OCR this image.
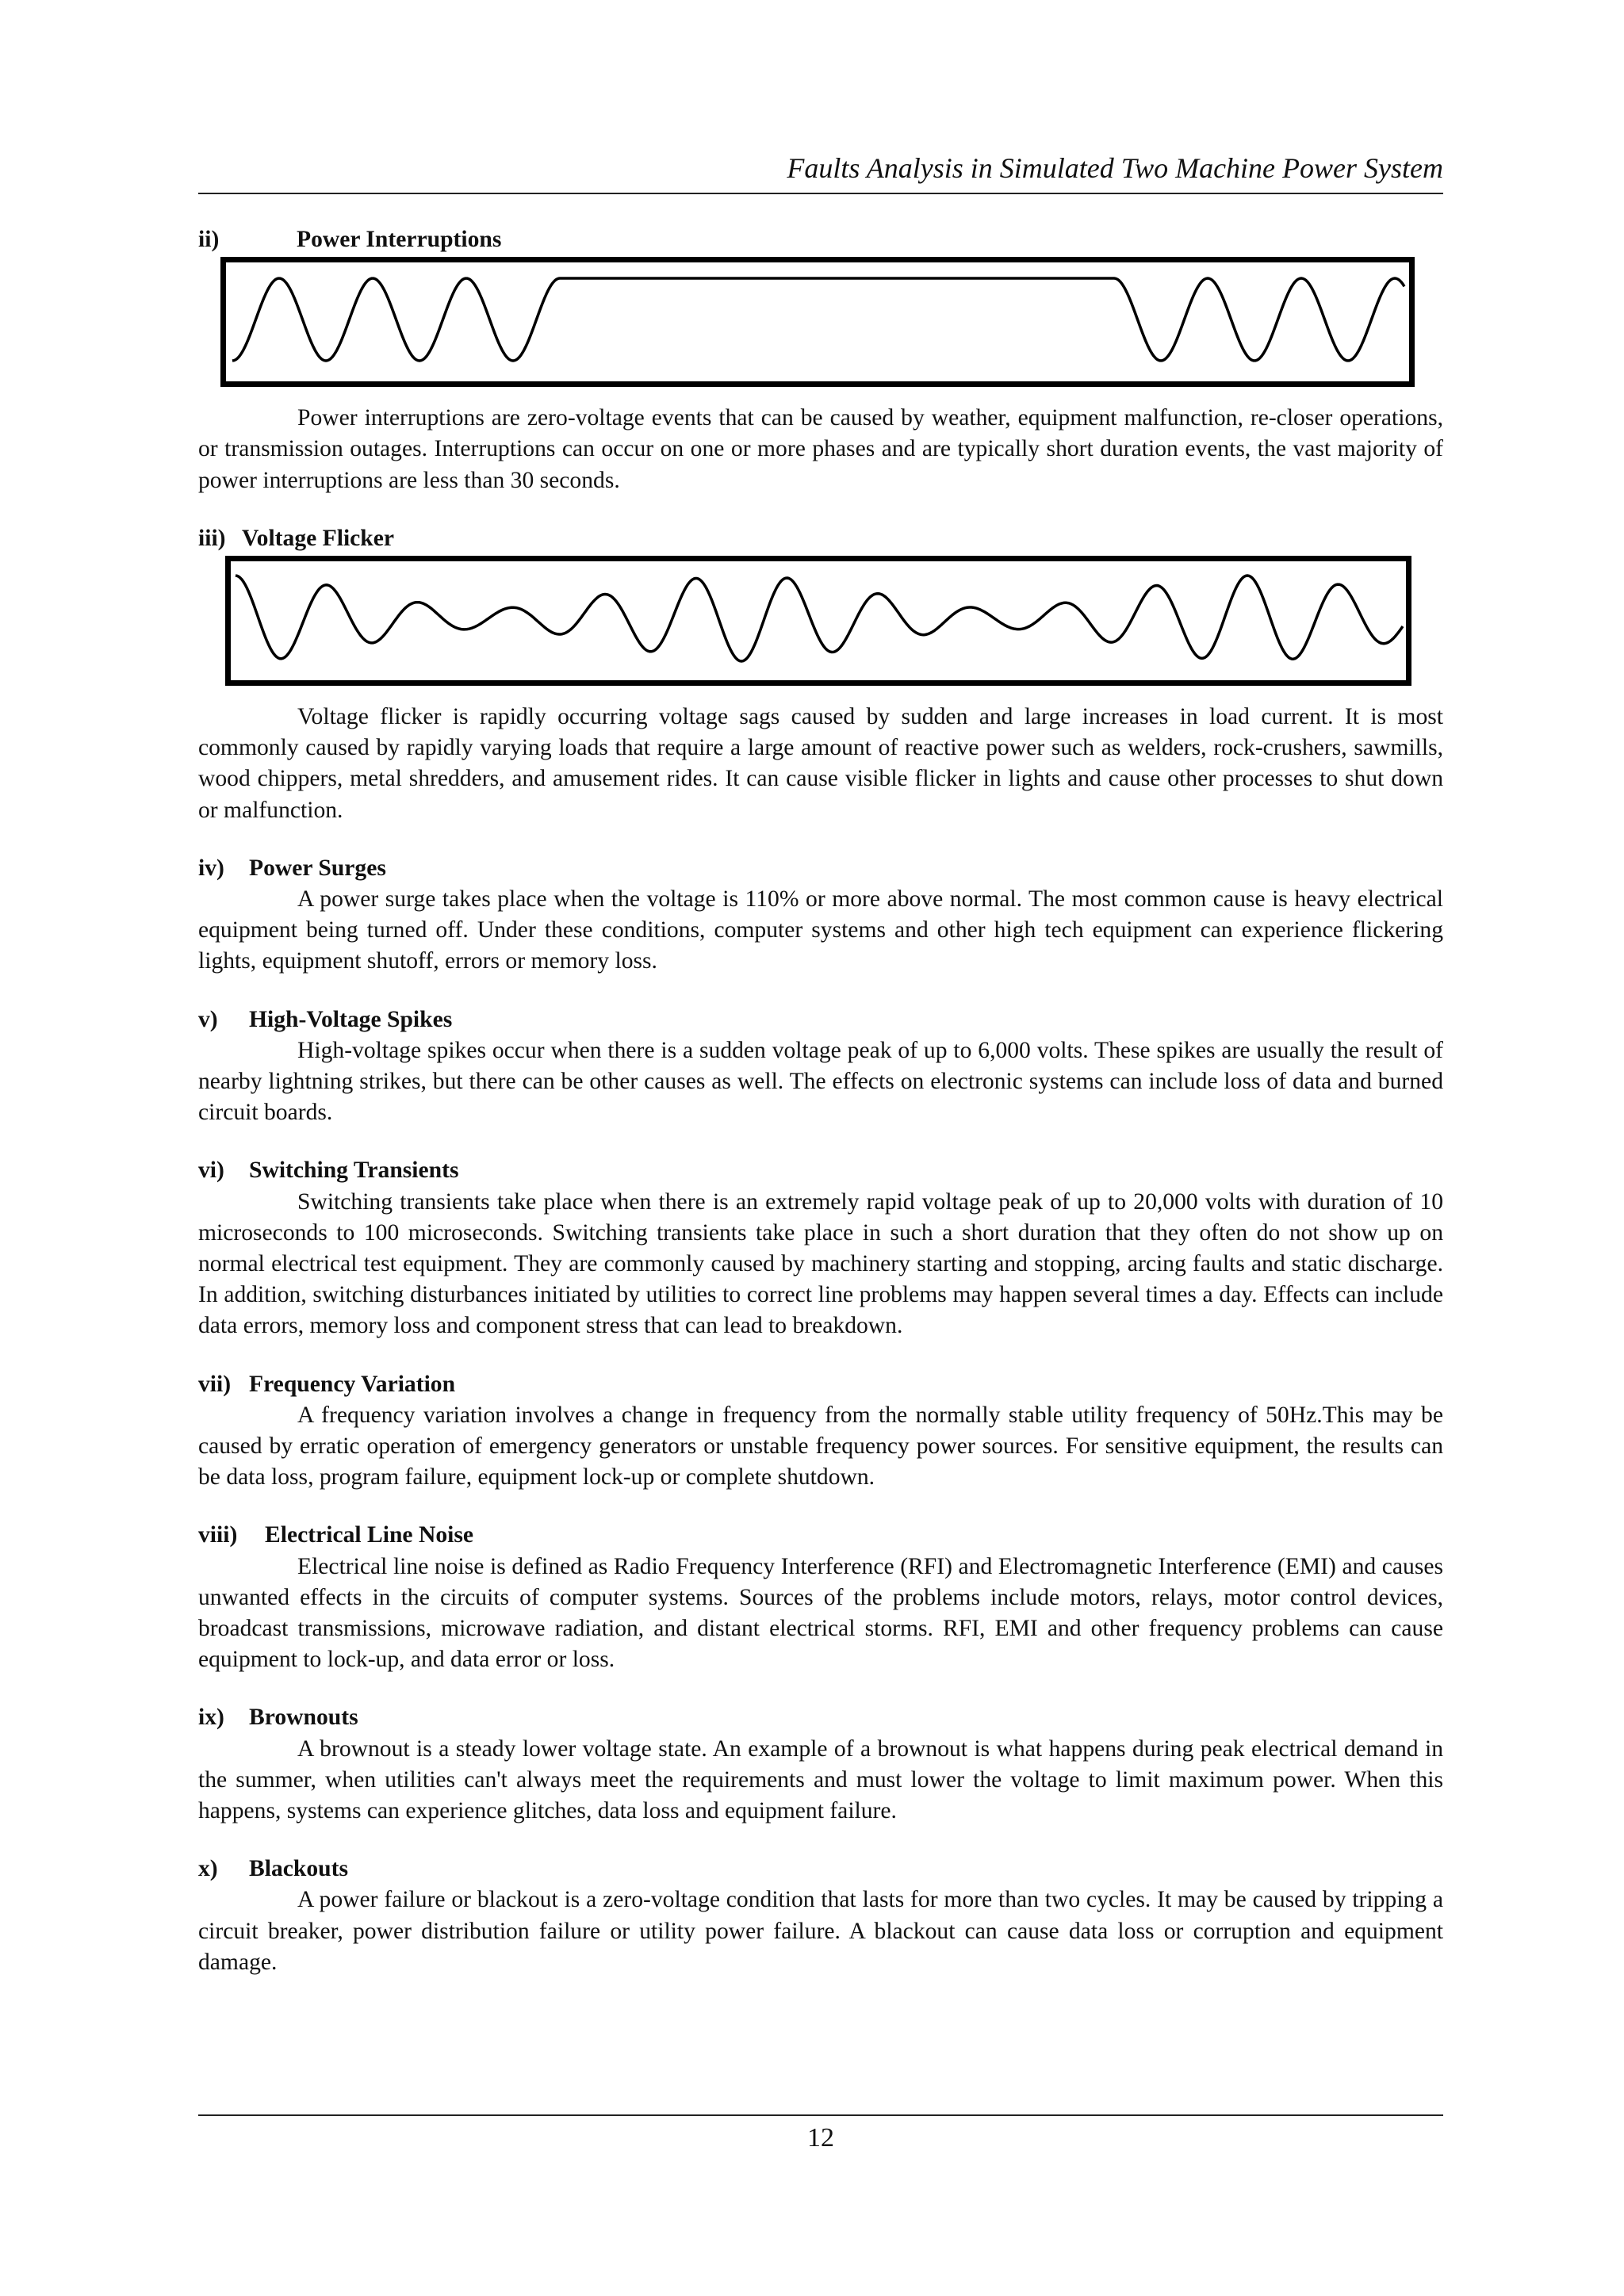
Faults Analysis in Simulated Two Machine Power System
ii)	Power Interruptions

Power interruptions are zero-voltage events that can be caused by weather, equipment malfunction, re-closer operations, or transmission outages. Interruptions can occur on one or more phases and are typically short duration events, the vast majority of power interruptions are less than 30 seconds.

iii) Voltage Flicker

Voltage flicker is rapidly occurring voltage sags caused by sudden and large increases in load current. It is most commonly caused by rapidly varying loads that require a large amount of reactive power such as welders, rock-crushers, sawmills, wood chippers, metal shredders, and amusement rides. It can cause visible flicker in lights and cause other processes to shut down or malfunction.

iv) Power Surges

A power surge takes place when the voltage is 110% or more above normal. The most common cause is heavy electrical equipment being turned off. Under these conditions, computer systems and other high tech equipment can experience flickering lights, equipment shutoff, errors or memory loss.

v) High-Voltage Spikes

High-voltage spikes occur when there is a sudden voltage peak of up to 6,000 volts. These spikes are usually the result of nearby lightning strikes, but there can be other causes as well. The effects on electronic systems can include loss of data and burned circuit boards.

vi) Switching Transients

Switching transients take place when there is an extremely rapid voltage peak of up to 20,000 volts with duration of 10 microseconds to 100 microseconds. Switching transients take place in such a short duration that they often do not show up on normal electrical test equipment. They are commonly caused by machinery starting and stopping, arcing faults and static discharge. In addition, switching disturbances initiated by utilities to correct line problems may happen several times a day. Effects can include data errors, memory loss and component stress that can lead to breakdown.

vii) Frequency Variation

A frequency variation involves a change in frequency from the normally stable utility frequency of 50Hz.This may be caused by erratic operation of emergency generators or unstable frequency power sources. For sensitive equipment, the results can be data loss, program failure, equipment lock-up or complete shutdown.

viii) Electrical Line Noise

Electrical line noise is defined as Radio Frequency Interference (RFI) and Electromagnetic Interference (EMI) and causes unwanted effects in the circuits of computer systems. Sources of the problems include motors, relays, motor control devices, broadcast transmissions, microwave radiation, and distant electrical storms. RFI, EMI and other frequency problems can cause equipment to lock-up, and data error or loss.

ix) Brownouts

A brownout is a steady lower voltage state. An example of a brownout is what happens during peak electrical demand in the summer, when utilities can't always meet the requirements and must lower the voltage to limit maximum power. When this happens, systems can experience glitches, data loss and equipment failure.

x) Blackouts

A power failure or blackout is a zero-voltage condition that lasts for more than two cycles. It may be caused by tripping a circuit breaker, power distribution failure or utility power failure. A blackout can cause data loss or corruption and equipment damage.

12
